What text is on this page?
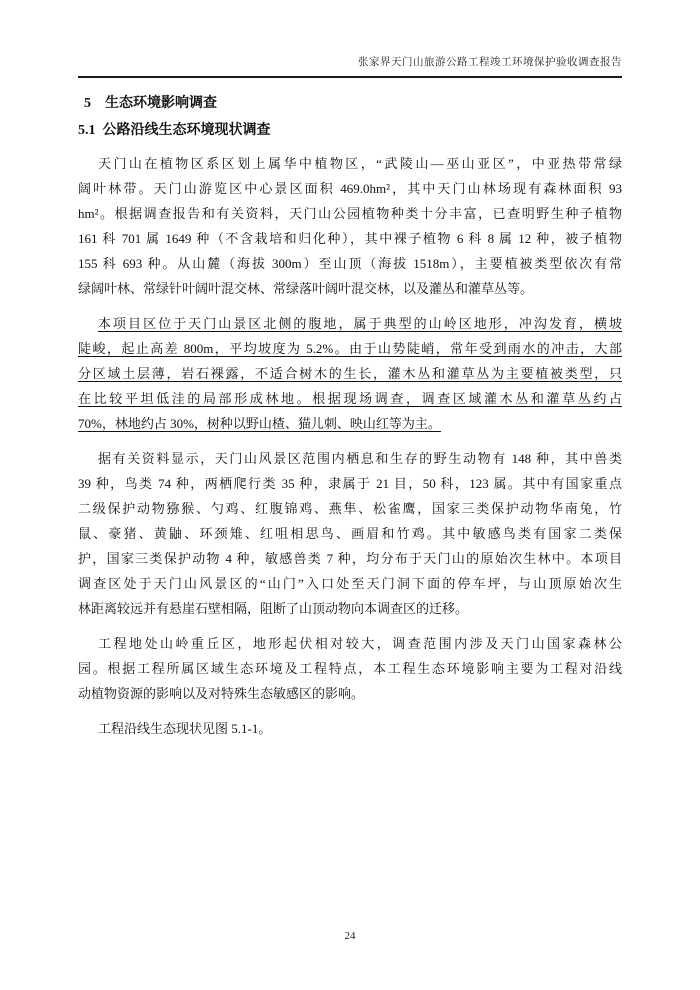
张家界天门山旅游公路工程竣工环境保护验收调查报告
5 生态环境影响调查
5.1 公路沿线生态环境现状调查
天门山在植物区系区划上属华中植物区，“武陵山—巫山亚区”，中亚热带常绿
阔叶林带。天门山游览区中心景区面积 469.0hm²，其中天门山林场现有森林面积 93
hm²。根据调查报告和有关资料，天门山公园植物种类十分丰富，已查明野生种子植物
161 科 701 属 1649 种（不含栽培和归化种），其中裸子植物 6 科 8 属 12 种，被子植物
155 科 693 种。从山麓（海拔 300m）至山顶（海拔 1518m），主要植被类型依次有常
绿阔叶林、常绿针叶阔叶混交林、常绿落叶阔叶混交林，以及灌丛和灌草丛等。
本项目区位于天门山景区北侧的腹地，属于典型的山岭区地形，冲沟发育，横坡
陡峻，起止高差 800m，平均坡度为 5.2%。由于山势陡峭，常年受到雨水的冲击，大部
分区域土层薄，岩石裸露，不适合树木的生长，灌木丛和灌草丛为主要植被类型，只
在比较平坦低洼的局部形成林地。根据现场调查，调查区域灌木丛和灌草丛约占
70%，林地约占 30%，树种以野山楂、猫儿刺、映山红等为主。
据有关资料显示，天门山风景区范围内栖息和生存的野生动物有 148 种，其中兽类
39 种，鸟类 74 种，两栖爬行类 35 种，隶属于 21 目，50 科，123 属。其中有国家重点
二级保护动物猕猴、勺鸡、红腹锦鸡、燕隼、松雀鹰，国家三类保护动物华南兔，竹
鼠、豪猪、黄鼬、环颈雉、红咀相思鸟、画眉和竹鸡。其中敏感鸟类有国家二类保
护，国家三类保护动物 4 种，敏感兽类 7 种，均分布于天门山的原始次生林中。本项目
调查区处于天门山风景区的“山门”入口处至天门洞下面的停车坪，与山顶原始次生
林距离较远并有悬崖石壁相隔，阻断了山顶动物向本调查区的迁移。
工程地处山岭重丘区，地形起伏相对较大，调查范围内涉及天门山国家森林公
园。根据工程所属区域生态环境及工程特点，本工程生态环境影响主要为工程对沿线
动植物资源的影响以及对特殊生态敏感区的影响。
工程沿线生态现状见图 5.1-1。
24
